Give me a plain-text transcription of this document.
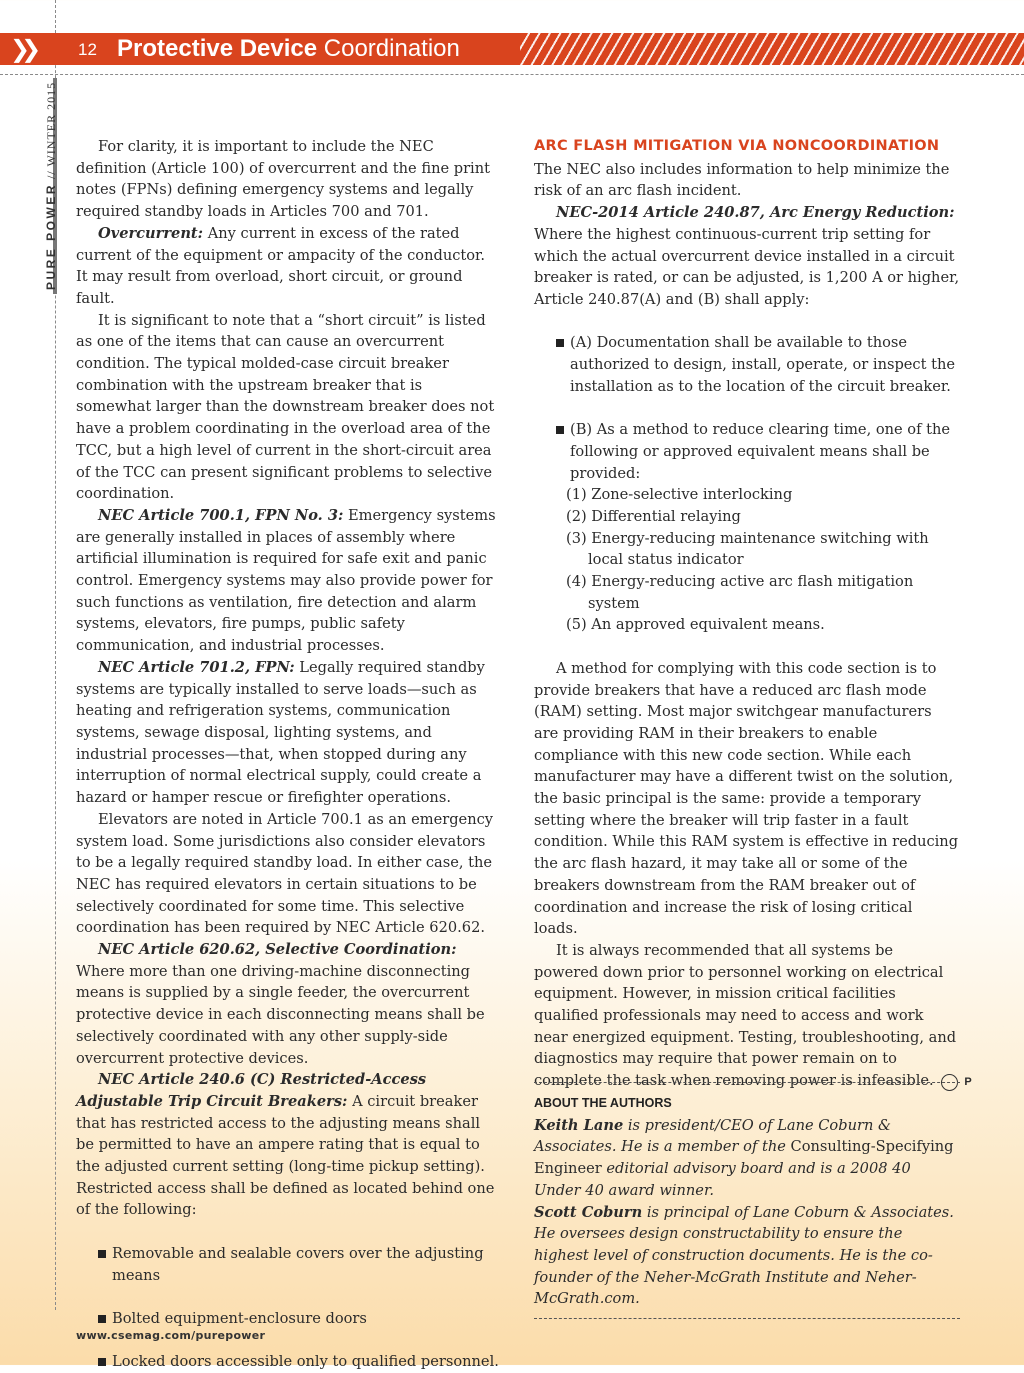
❯❯	12 Protective Device Coordination
PURE POWER // WINTER 2015	For clarity, it is important to include the NEC definition (Article 100) of overcurrent and the fine print notes (FPNs) defining emergency systems and legally required standby loads in Articles 700 and 701.

Overcurrent: Any current in excess of the rated current of the equipment or ampacity of the conductor. It may result from overload, short circuit, or ground fault.

It is significant to note that a “short circuit” is listed as one of the items that can cause an overcurrent condition. The typical molded-case circuit breaker combination with the upstream breaker that is somewhat larger than the downstream breaker does not have a problem coordinating in the overload area of the TCC, but a high level of current in the short-circuit area of the TCC can present significant problems to selective coordination.

NEC Article 700.1, FPN No. 3: Emergency systems are generally installed in places of assembly where artificial illumination is required for safe exit and panic control. Emergency systems may also provide power for such functions as ventilation, fire detection and alarm systems, elevators, fire pumps, public safety communication, and industrial processes.

NEC Article 701.2, FPN: Legally required standby systems are typically installed to serve loads—such as heating and refrigeration systems, communication systems, sewage disposal, lighting systems, and industrial processes—that, when stopped during any interruption of normal electrical supply, could create a hazard or hamper rescue or firefighter operations.

Elevators are noted in Article 700.1 as an emergency system load. Some jurisdictions also consider elevators to be a legally required standby load. In either case, the NEC has required elevators in certain situations to be selectively coordinated for some time. This selective coordination has been required by NEC Article 620.62.

NEC Article 620.62, Selective Coordination: Where more than one driving-machine disconnecting means is supplied by a single feeder, the overcurrent protective device in each disconnecting means shall be selectively coordinated with any other supply-side overcurrent protective devices.

NEC Article 240.6 (C) Restricted-Access Adjustable Trip Circuit Breakers: A circuit breaker that has restricted access to the adjusting means shall be permitted to have an ampere rating that is equal to the adjusted current setting (long-time pickup setting). Restricted access shall be defined as located behind one of the following:

Removable and sealable covers over the adjusting means
Bolted equipment-enclosure doors
Locked doors accessible only to qualified personnel.
ARC FLASH MITIGATION VIA NONCOORDINATION

The NEC also includes information to help minimize the risk of an arc flash incident.

NEC-2014 Article 240.87, Arc Energy Reduction: Where the highest continuous-current trip setting for which the actual overcurrent device installed in a circuit breaker is rated, or can be adjusted, is 1,200 A or higher, Article 240.87(A) and (B) shall apply:

(A) Documentation shall be available to those authorized to design, install, operate, or inspect the installation as to the location of the circuit breaker.
(B) As a method to reduce clearing time, one of the following or approved equivalent means shall be provided:

(1) Zone-selective interlocking

(2) Differential relaying

(3) Energy-reducing maintenance switching with local status indicator

(4) Energy-reducing active arc flash mitigation system

(5) An approved equivalent means.

A method for complying with this code section is to provide breakers that have a reduced arc flash mode (RAM) setting. Most major switchgear manufacturers are providing RAM in their breakers to enable compliance with this new code section. While each manufacturer may have a different twist on the solution, the basic principal is the same: provide a temporary setting where the breaker will trip faster in a fault condition. While this RAM system is effective in reducing the arc flash hazard, it may take all or some of the breakers downstream from the RAM breaker out of coordination and increase the risk of losing critical loads.

It is always recommended that all systems be powered down prior to personnel working on electrical equipment. However, in mission critical facilities qualified professionals may need to access and work near energized equipment. Testing, troubleshooting, and diagnostics may require that power remain on to complete the task when removing power is infeasible.	P

ABOUT THE AUTHORS

Keith Lane is president/CEO of Lane Coburn & Associates. He is a member of the Consulting-Specifying Engineer editorial advisory board and is a 2008 40 Under 40 award winner.

Scott Coburn is principal of Lane Coburn & Associates. He oversees design constructability to ensure the highest level of construction documents. He is the co-founder of the Neher-McGrath Institute and Neher-McGrath.com.

www.csemag.com/purepower
